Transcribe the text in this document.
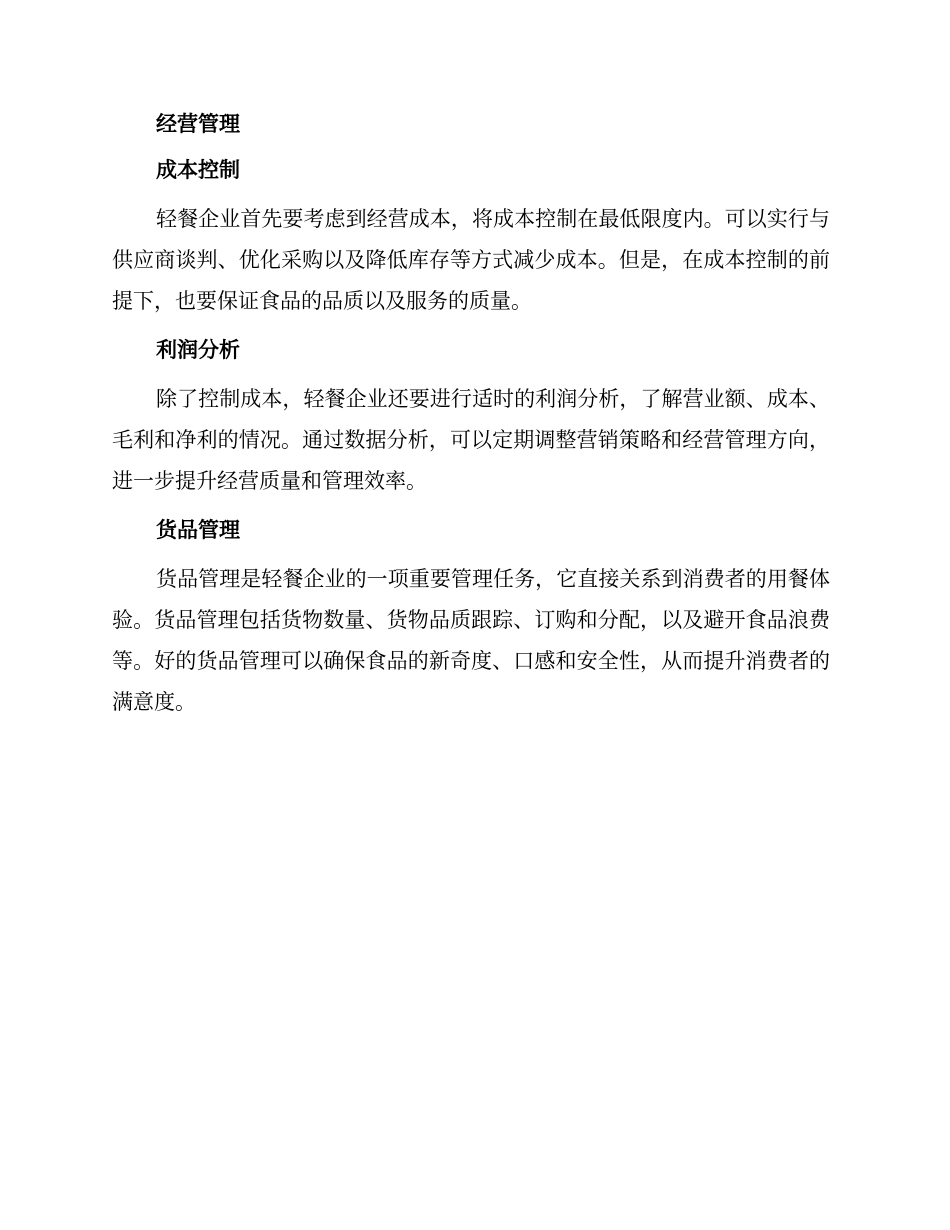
经营管理
成本控制

轻餐企业首先要考虑到经营成本，将成本控制在最低限度内。可以实行与供应商谈判、优化采购以及降低库存等方式减少成本。但是，在成本控制的前提下，也要保证食品的品质以及服务的质量。

利润分析

除了控制成本，轻餐企业还要进行适时的利润分析，了解营业额、成本、毛利和净利的情况。通过数据分析，可以定期调整营销策略和经营管理方向，进一步提升经营质量和管理效率。

货品管理

货品管理是轻餐企业的一项重要管理任务，它直接关系到消费者的用餐体验。货品管理包括货物数量、货物品质跟踪、订购和分配，以及避开食品浪费等。好的货品管理可以确保食品的新奇度、口感和安全性，从而提升消费者的满意度。
